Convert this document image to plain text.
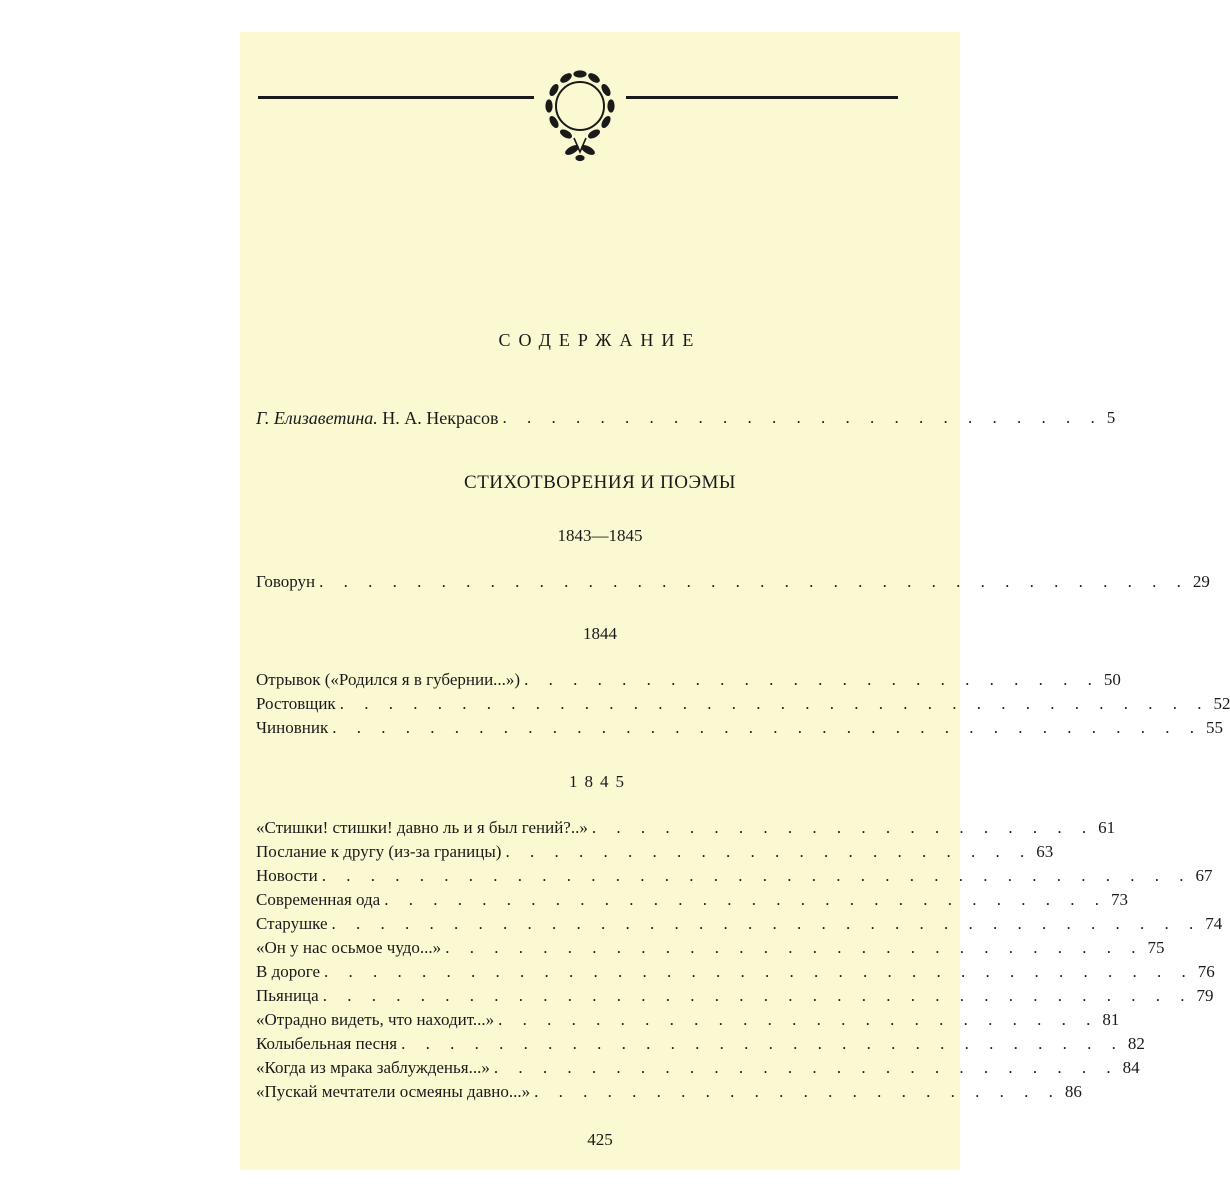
СОДЕРЖАНИЕ
Г. Елизаветина. Н. А. Некрасов . . . . . . . . . . . . . . . . . . . . . . . . . 5
СТИХОТВОРЕНИЯ И ПОЭМЫ
1843—1845
Говорун . . . . . . . . . . . . . . . . . . . . . . . . . . . . . . . . . . . . 29
1844
Отрывок («Родился я в губернии...») . . . . . . . . . . . . . . . . . . . . . . . . 50
Ростовщик . . . . . . . . . . . . . . . . . . . . . . . . . . . . . . . . . . . . 52
Чиновник . . . . . . . . . . . . . . . . . . . . . . . . . . . . . . . . . . . . 55
1845
«Стишки! стишки! давно ль и я был гений?..» . . . . . . . . . . . . . . . . . . . . . 61
Послание к другу (из-за границы) . . . . . . . . . . . . . . . . . . . . . . 63
Новости . . . . . . . . . . . . . . . . . . . . . . . . . . . . . . . . . . . . 67
Современная ода . . . . . . . . . . . . . . . . . . . . . . . . . . . . . . 73
Старушке . . . . . . . . . . . . . . . . . . . . . . . . . . . . . . . . . . . . 74
«Он у нас осьмое чудо...» . . . . . . . . . . . . . . . . . . . . . . . . . . . . . 75
В дороге . . . . . . . . . . . . . . . . . . . . . . . . . . . . . . . . . . . . 76
Пьяница . . . . . . . . . . . . . . . . . . . . . . . . . . . . . . . . . . . . 79
«Отрадно видеть, что находит...» . . . . . . . . . . . . . . . . . . . . . . . . . 81
Колыбельная песня . . . . . . . . . . . . . . . . . . . . . . . . . . . . . . 82
«Когда из мрака заблужденья...» . . . . . . . . . . . . . . . . . . . . . . . . . . 84
«Пускай мечтатели осмеяны давно...» . . . . . . . . . . . . . . . . . . . . . . 86
425
